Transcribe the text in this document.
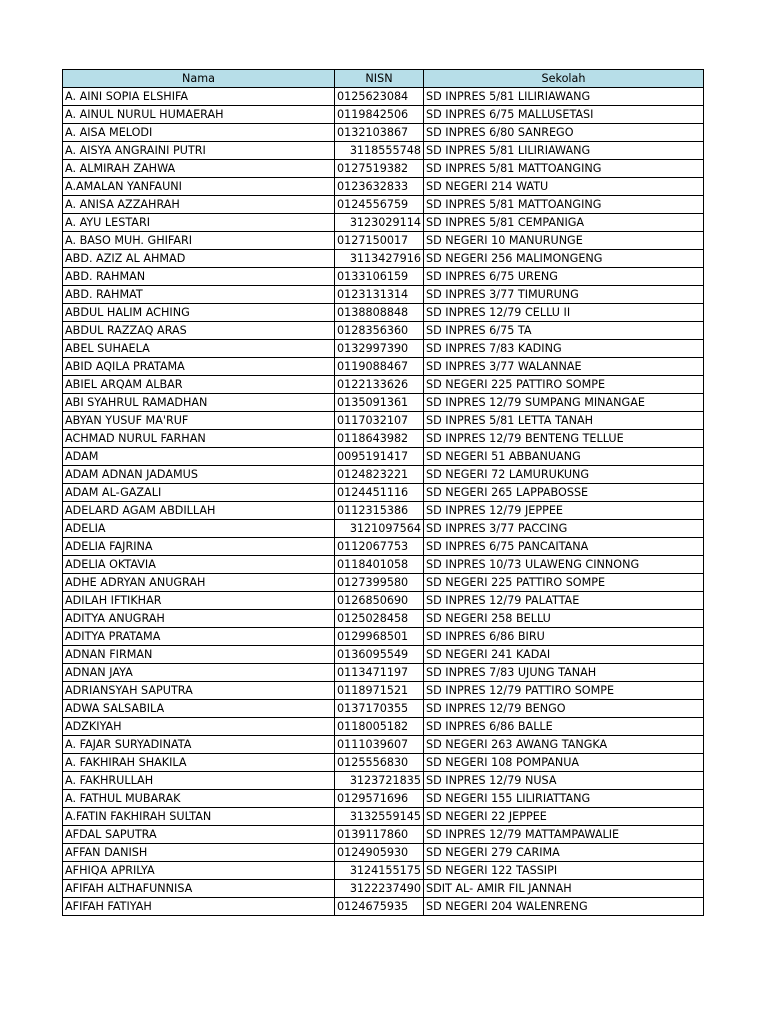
Nama	NISN	Sekolah
A. AINI SOPIA ELSHIFA	0125623084	SD INPRES 5/81 LILIRIAWANG
A. AINUL NURUL HUMAERAH	0119842506	SD INPRES 6/75 MALLUSETASI
A. AISA MELODI	0132103867	SD INPRES 6/80 SANREGO
A. AISYA ANGRAINI PUTRI	3118555748	SD INPRES 5/81 LILIRIAWANG
A. ALMIRAH ZAHWA	0127519382	SD INPRES 5/81 MATTOANGING
A.AMALAN YANFAUNI	0123632833	SD NEGERI 214 WATU
A. ANISA AZZAHRAH	0124556759	SD INPRES 5/81 MATTOANGING
A. AYU LESTARI	3123029114	SD INPRES 5/81 CEMPANIGA
A. BASO MUH. GHIFARI	0127150017	SD NEGERI 10 MANURUNGE
ABD. AZIZ AL AHMAD	3113427916	SD NEGERI 256 MALIMONGENG
ABD. RAHMAN	0133106159	SD INPRES 6/75 URENG
ABD. RAHMAT	0123131314	SD INPRES 3/77 TIMURUNG
ABDUL HALIM ACHING	0138808848	SD INPRES 12/79 CELLU II
ABDUL RAZZAQ ARAS	0128356360	SD INPRES 6/75 TA
ABEL SUHAELA	0132997390	SD INPRES 7/83 KADING
ABID AQILA PRATAMA	0119088467	SD INPRES 3/77 WALANNAE
ABIEL ARQAM ALBAR	0122133626	SD NEGERI 225 PATTIRO SOMPE
ABI SYAHRUL RAMADHAN	0135091361	SD INPRES 12/79 SUMPANG MINANGAE
ABYAN YUSUF MA'RUF	0117032107	SD INPRES 5/81 LETTA TANAH
ACHMAD NURUL FARHAN	0118643982	SD INPRES 12/79 BENTENG TELLUE
ADAM	0095191417	SD NEGERI 51 ABBANUANG
ADAM ADNAN JADAMUS	0124823221	SD NEGERI 72 LAMURUKUNG
ADAM AL-GAZALI	0124451116	SD NEGERI 265 LAPPABOSSE
ADELARD AGAM ABDILLAH	0112315386	SD INPRES 12/79 JEPPEE
ADELIA	3121097564	SD INPRES 3/77 PACCING
ADELIA FAJRINA	0112067753	SD INPRES 6/75 PANCAITANA
ADELIA OKTAVIA	0118401058	SD INPRES 10/73 ULAWENG CINNONG
ADHE ADRYAN ANUGRAH	0127399580	SD NEGERI 225 PATTIRO SOMPE
ADILAH IFTIKHAR	0126850690	SD INPRES 12/79 PALATTAE
ADITYA ANUGRAH	0125028458	SD NEGERI 258 BELLU
ADITYA PRATAMA	0129968501	SD INPRES 6/86 BIRU
ADNAN FIRMAN	0136095549	SD NEGERI 241 KADAI
ADNAN JAYA	0113471197	SD INPRES 7/83 UJUNG TANAH
ADRIANSYAH SAPUTRA	0118971521	SD INPRES 12/79 PATTIRO SOMPE
ADWA SALSABILA	0137170355	SD INPRES 12/79 BENGO
ADZKIYAH	0118005182	SD INPRES 6/86 BALLE
A. FAJAR SURYADINATA	0111039607	SD NEGERI 263 AWANG TANGKA
A. FAKHIRAH SHAKILA	0125556830	SD NEGERI 108 POMPANUA
A. FAKHRULLAH	3123721835	SD INPRES 12/79 NUSA
A. FATHUL MUBARAK	0129571696	SD NEGERI 155 LILIRIATTANG
A.FATIN FAKHIRAH SULTAN	3132559145	SD NEGERI 22 JEPPEE
AFDAL SAPUTRA	0139117860	SD INPRES 12/79 MATTAMPAWALIE
AFFAN DANISH	0124905930	SD NEGERI 279 CARIMA
AFHIQA APRILYA	3124155175	SD NEGERI 122 TASSIPI
AFIFAH ALTHAFUNNISA	3122237490	SDIT AL- AMIR FIL JANNAH
AFIFAH FATIYAH	0124675935	SD NEGERI 204 WALENRENG
